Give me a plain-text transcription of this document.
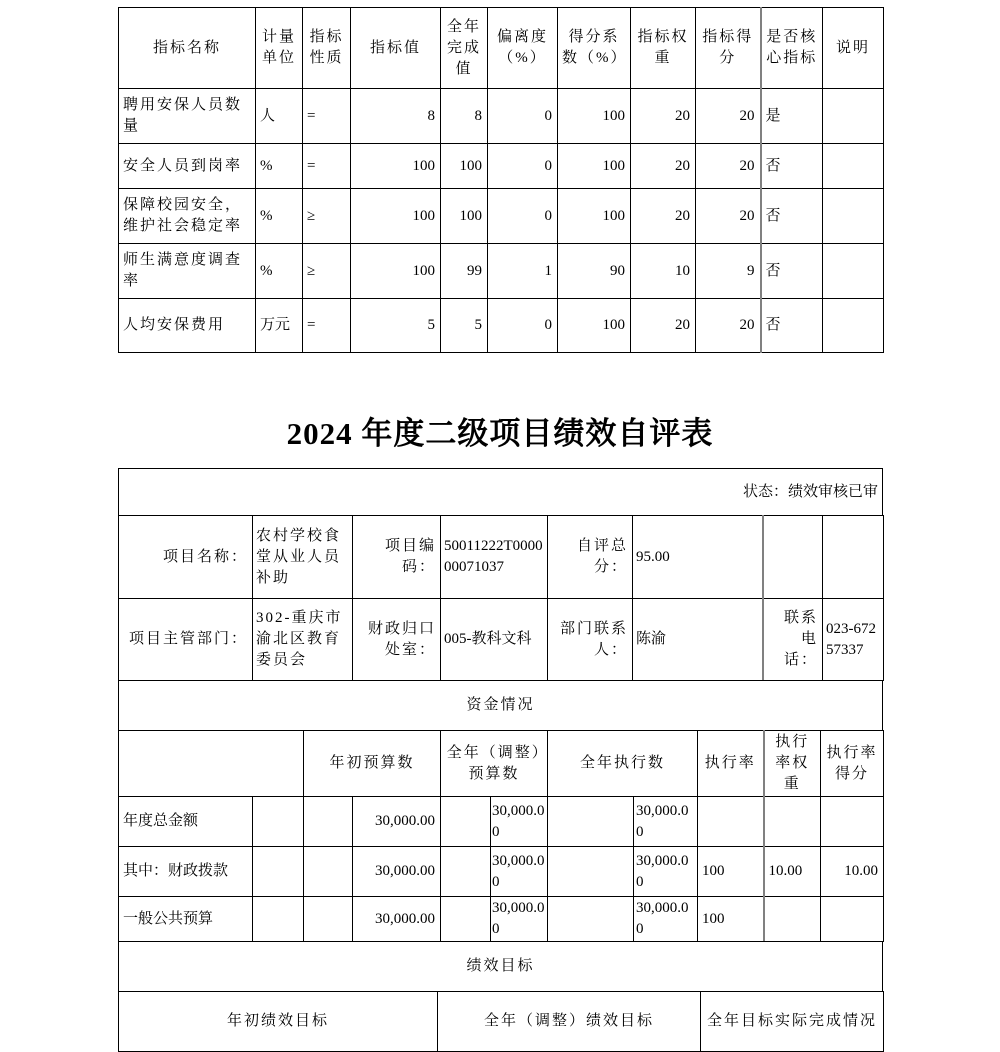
指标名称	计量单位	指标性质	指标值	全年完成值	偏离度（%）	得分系数（%）	指标权重	指标得分	是否核心指标	说明
聘用安保人员数量	人	=	8	8	0	100	20	20	是	
安全人员到岗率	%	=	100	100	0	100	20	20	否	
保障校园安全，维护社会稳定率	%	≥	100	100	0	100	20	20	否	
师生满意度调查率	%	≥	100	99	1	90	10	9	否	
人均安保费用	万元	=	5	5	0	100	20	20	否	
2024 年度二级项目绩效自评表
状态：绩效审核已审
项目名称：	农村学校食堂从业人员补助	项目编码：	50011222T000000071037	自评总分：	95.00		
项目主管部门：	302-重庆市渝北区教育委员会	财政归口处室：	005-教科文科	部门联系人：	陈渝	联系电话：	023-67257337
资金情况
		年初预算数		全年（调整）预算数		全年执行数		执行率	执行率权重	执行率得分
年度总金额			30,000.00		30,000.00		30,000.00			
其中：财政拨款			30,000.00		30,000.00		30,000.00	100	10.00	10.00
一般公共预算			30,000.00		30,000.00		30,000.00	100		
绩效目标
年初绩效目标	全年（调整）绩效目标	全年目标实际完成情况
